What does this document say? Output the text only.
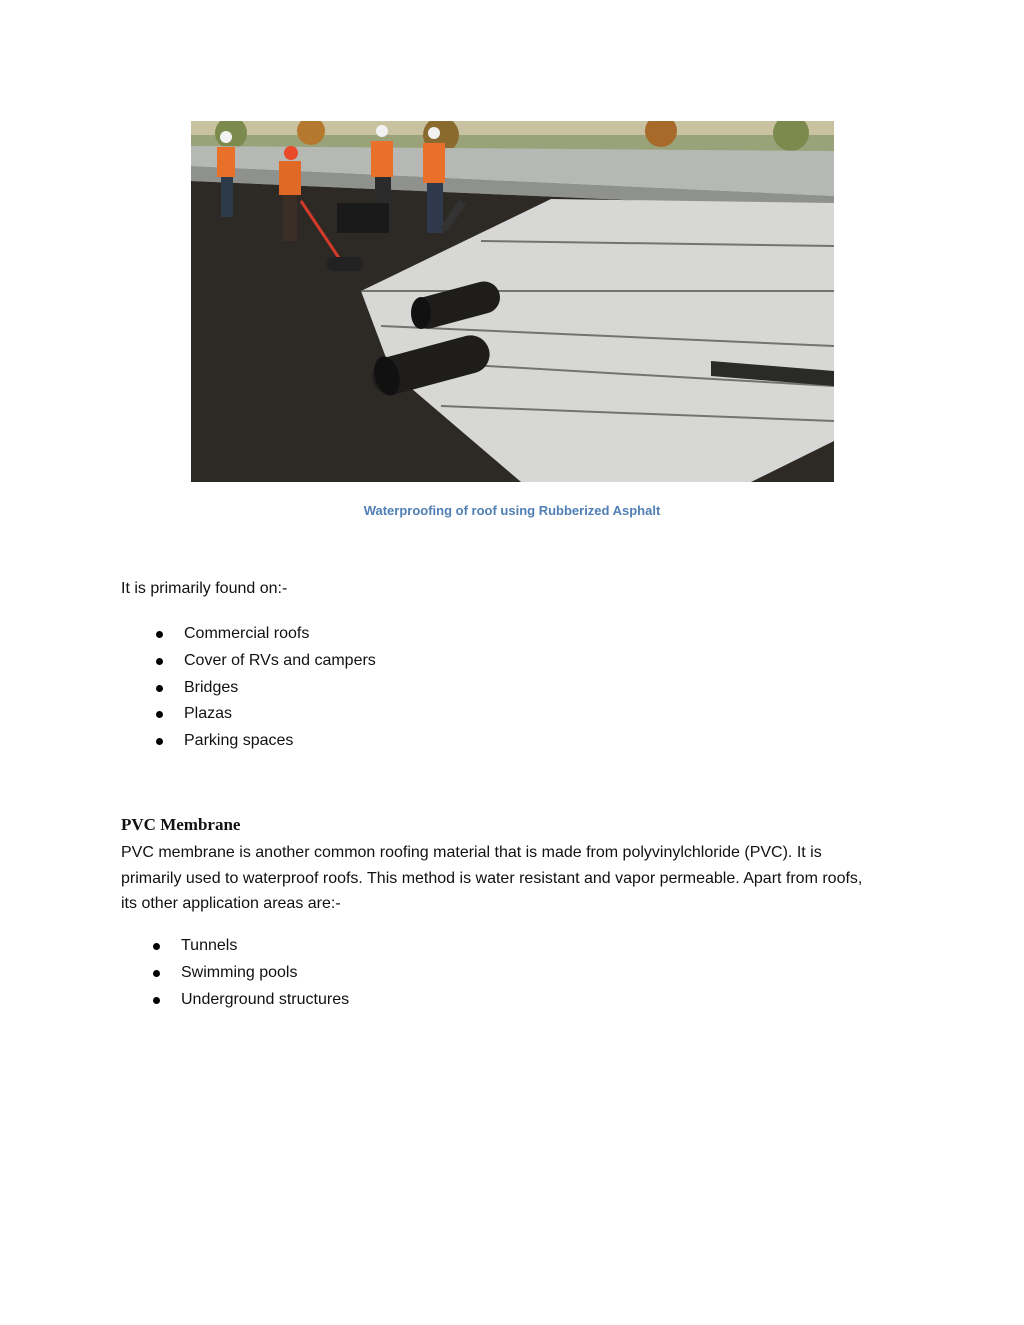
Waterproofing of roof using Rubberized Asphalt
It is primarily found on:-
Commercial roofs
Cover of RVs and campers
Bridges
Plazas
Parking spaces
PVC Membrane
PVC membrane is another common roofing material that is made from polyvinylchloride (PVC). It is primarily used to waterproof roofs. This method is water resistant and vapor permeable. Apart from roofs, its other application areas are:-
Tunnels
Swimming pools
Underground structures
